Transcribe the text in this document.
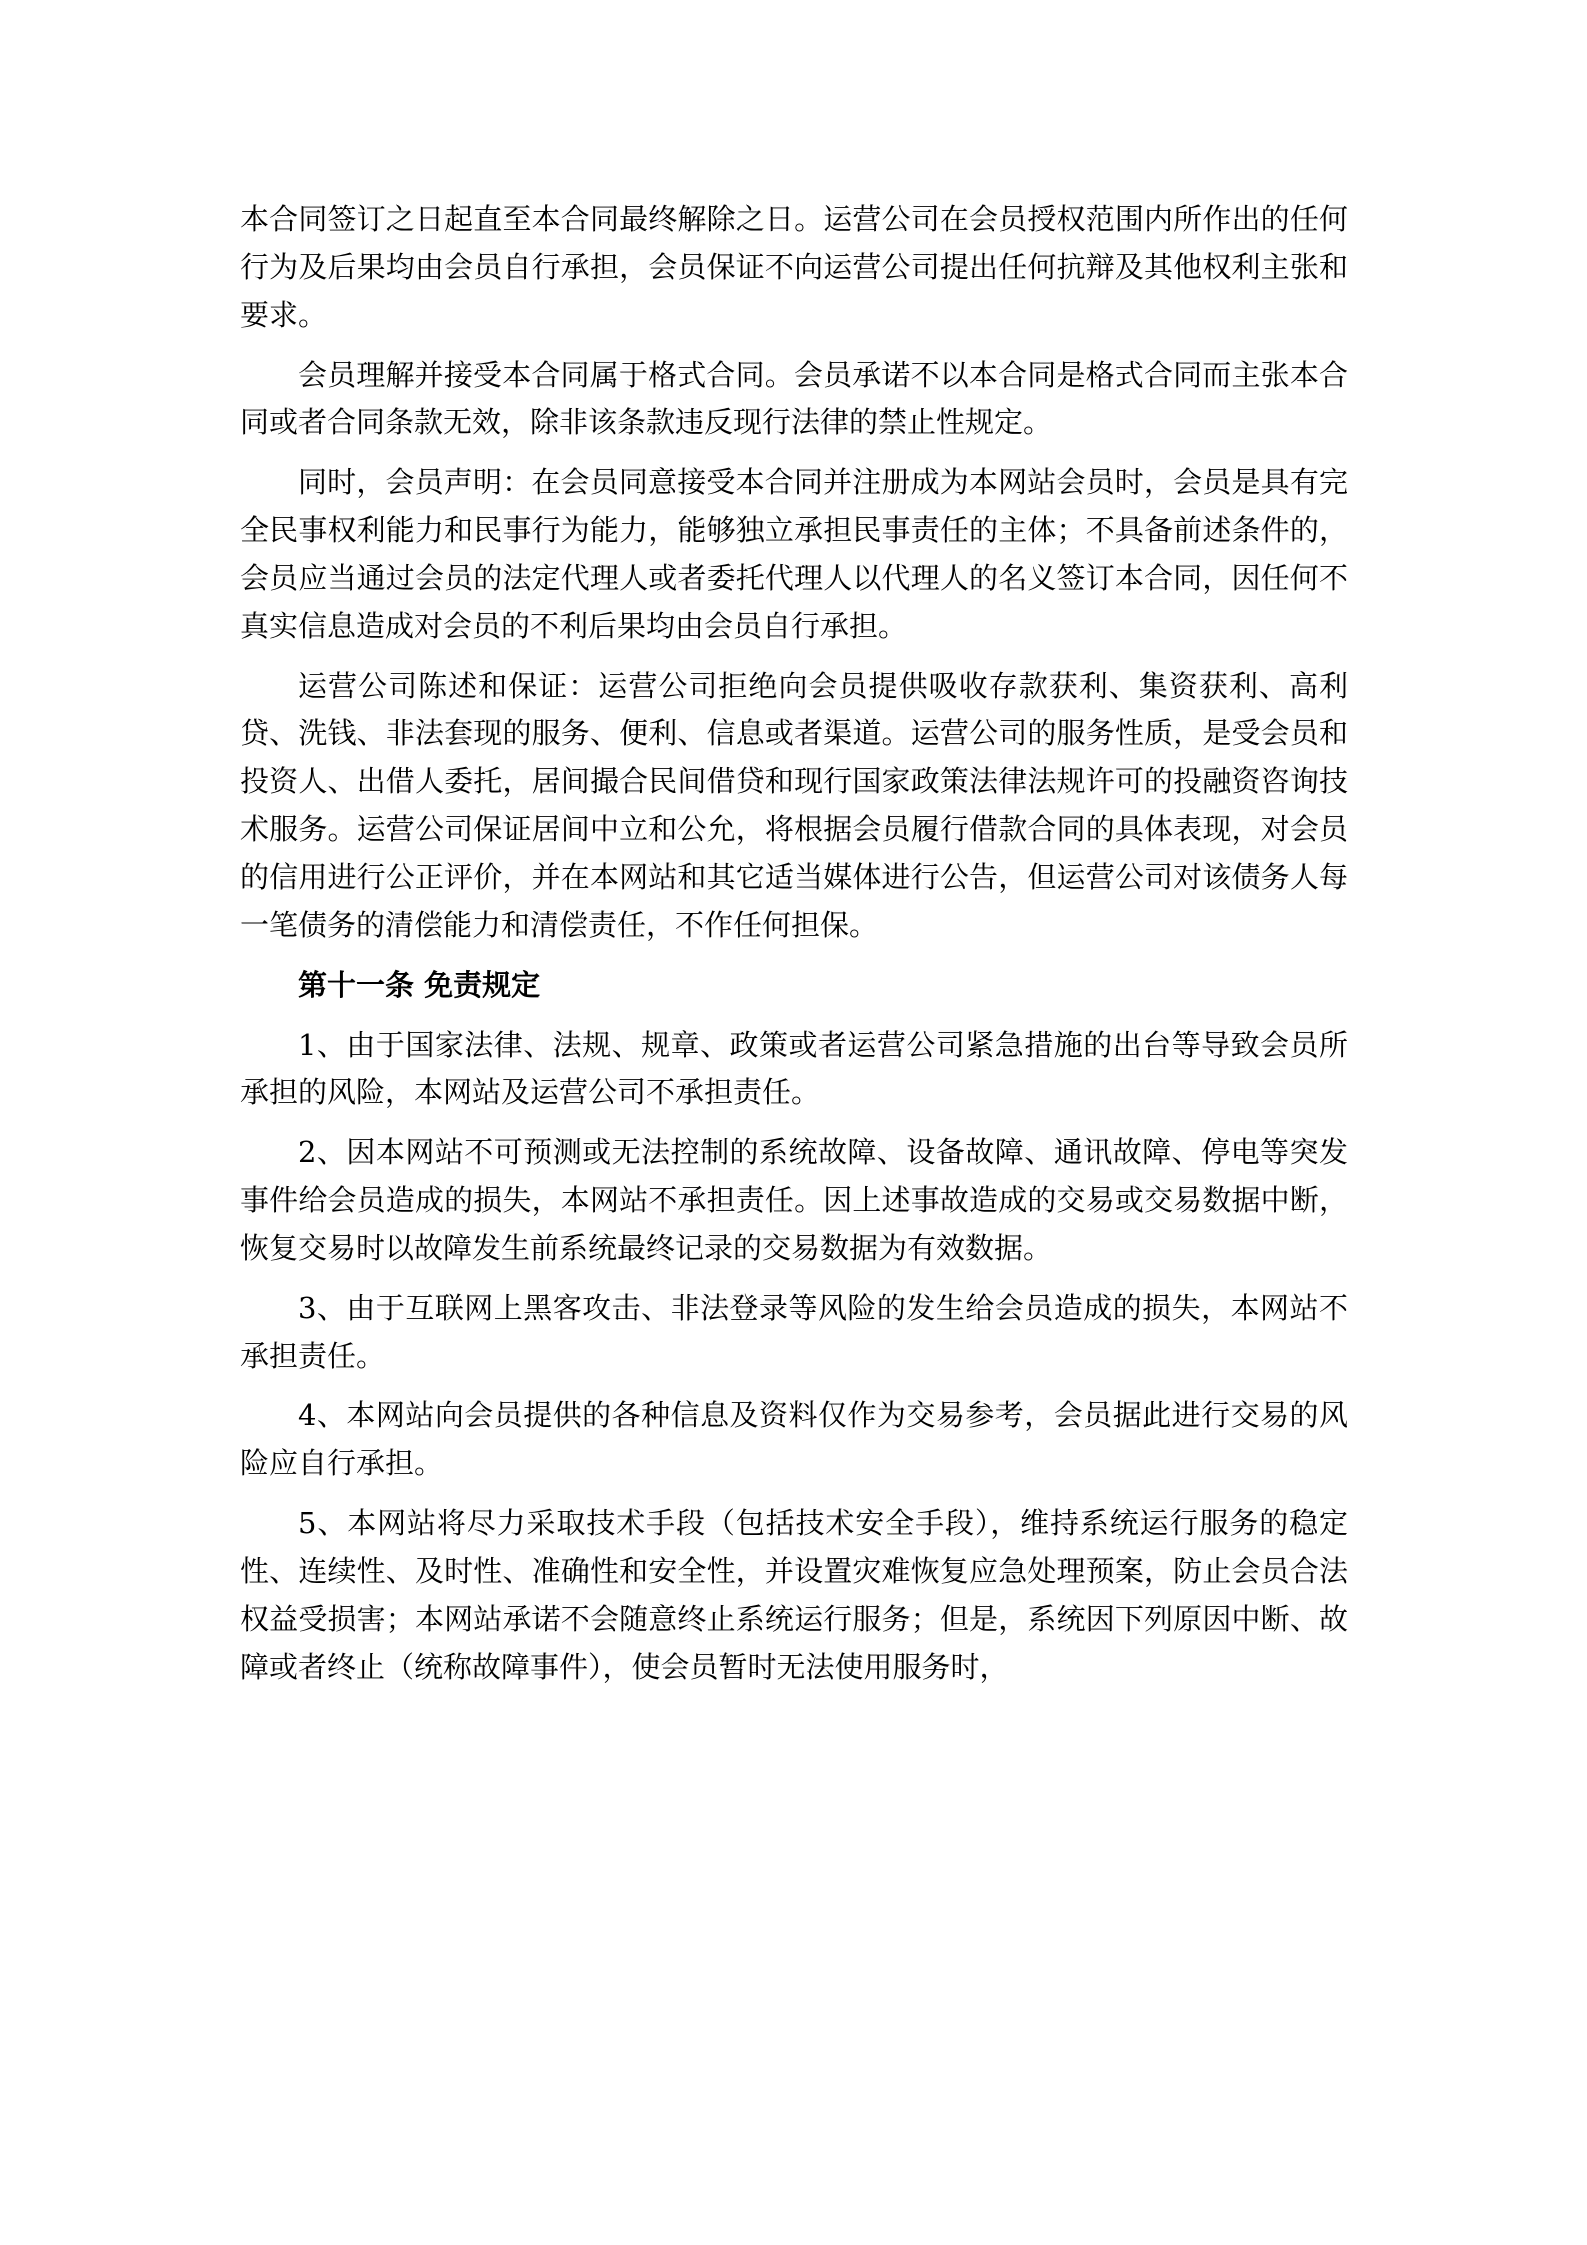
本合同签订之日起直至本合同最终解除之日。运营公司在会员授权范围内所作出的任何行为及后果均由会员自行承担，会员保证不向运营公司提出任何抗辩及其他权利主张和要求。

会员理解并接受本合同属于格式合同。会员承诺不以本合同是格式合同而主张本合同或者合同条款无效，除非该条款违反现行法律的禁止性规定。

同时，会员声明：在会员同意接受本合同并注册成为本网站会员时，会员是具有完全民事权利能力和民事行为能力，能够独立承担民事责任的主体；不具备前述条件的，会员应当通过会员的法定代理人或者委托代理人以代理人的名义签订本合同，因任何不真实信息造成对会员的不利后果均由会员自行承担。

运营公司陈述和保证：运营公司拒绝向会员提供吸收存款获利、集资获利、高利贷、洗钱、非法套现的服务、便利、信息或者渠道。运营公司的服务性质，是受会员和投资人、出借人委托，居间撮合民间借贷和现行国家政策法律法规许可的投融资咨询技术服务。运营公司保证居间中立和公允，将根据会员履行借款合同的具体表现，对会员的信用进行公正评价，并在本网站和其它适当媒体进行公告，但运营公司对该债务人每一笔债务的清偿能力和清偿责任，不作任何担保。

第十一条 免责规定

1、由于国家法律、法规、规章、政策或者运营公司紧急措施的出台等导致会员所承担的风险，本网站及运营公司不承担责任。

2、因本网站不可预测或无法控制的系统故障、设备故障、通讯故障、停电等突发事件给会员造成的损失，本网站不承担责任。因上述事故造成的交易或交易数据中断，恢复交易时以故障发生前系统最终记录的交易数据为有效数据。

3、由于互联网上黑客攻击、非法登录等风险的发生给会员造成的损失，本网站不承担责任。

4、本网站向会员提供的各种信息及资料仅作为交易参考，会员据此进行交易的风险应自行承担。

5、本网站将尽力采取技术手段（包括技术安全手段），维持系统运行服务的稳定性、连续性、及时性、准确性和安全性，并设置灾难恢复应急处理预案，防止会员合法权益受损害；本网站承诺不会随意终止系统运行服务；但是，系统因下列原因中断、故障或者终止（统称故障事件），使会员暂时无法使用服务时，
